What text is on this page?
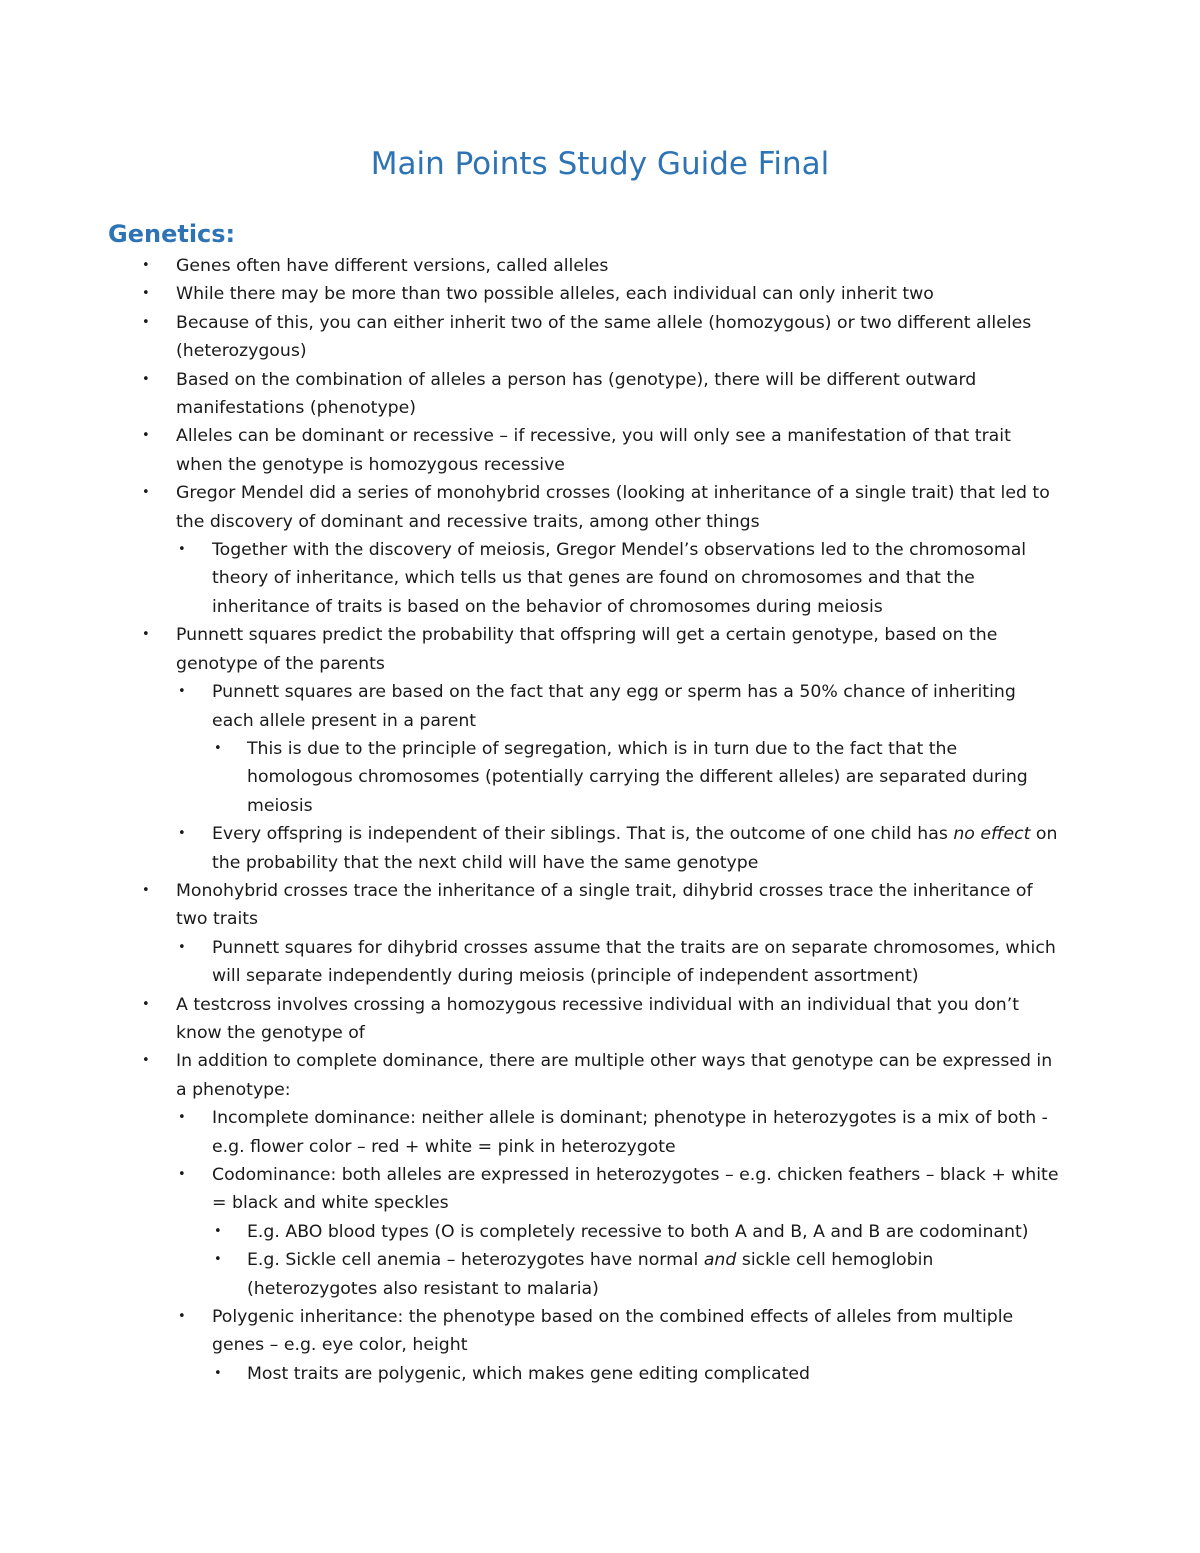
Main Points Study Guide Final
Genetics:
• Genes often have different versions, called alleles
• While there may be more than two possible alleles, each individual can only inherit two
• Because of this, you can either inherit two of the same allele (homozygous) or two different alleles (heterozygous)
• Based on the combination of alleles a person has (genotype), there will be different outward manifestations (phenotype)
• Alleles can be dominant or recessive – if recessive, you will only see a manifestation of that trait when the genotype is homozygous recessive
• Gregor Mendel did a series of monohybrid crosses (looking at inheritance of a single trait) that led to the discovery of dominant and recessive traits, among other things
• Together with the discovery of meiosis, Gregor Mendel’s observations led to the chromosomal theory of inheritance, which tells us that genes are found on chromosomes and that the inheritance of traits is based on the behavior of chromosomes during meiosis
• Punnett squares predict the probability that offspring will get a certain genotype, based on the genotype of the parents
• Punnett squares are based on the fact that any egg or sperm has a 50% chance of inheriting each allele present in a parent
• This is due to the principle of segregation, which is in turn due to the fact that the homologous chromosomes (potentially carrying the different alleles) are separated during meiosis
• Every offspring is independent of their siblings. That is, the outcome of one child has no effect on the probability that the next child will have the same genotype
• Monohybrid crosses trace the inheritance of a single trait, dihybrid crosses trace the inheritance of two traits
• Punnett squares for dihybrid crosses assume that the traits are on separate chromosomes, which will separate independently during meiosis (principle of independent assortment)
• A testcross involves crossing a homozygous recessive individual with an individual that you don’t know the genotype of
• In addition to complete dominance, there are multiple other ways that genotype can be expressed in a phenotype:
• Incomplete dominance: neither allele is dominant; phenotype in heterozygotes is a mix of both - e.g. flower color – red + white = pink in heterozygote
• Codominance: both alleles are expressed in heterozygotes – e.g. chicken feathers – black + white = black and white speckles
• E.g. ABO blood types (O is completely recessive to both A and B, A and B are codominant)
• E.g. Sickle cell anemia – heterozygotes have normal and sickle cell hemoglobin (heterozygotes also resistant to malaria)
• Polygenic inheritance: the phenotype based on the combined effects of alleles from multiple genes – e.g. eye color, height
• Most traits are polygenic, which makes gene editing complicated
